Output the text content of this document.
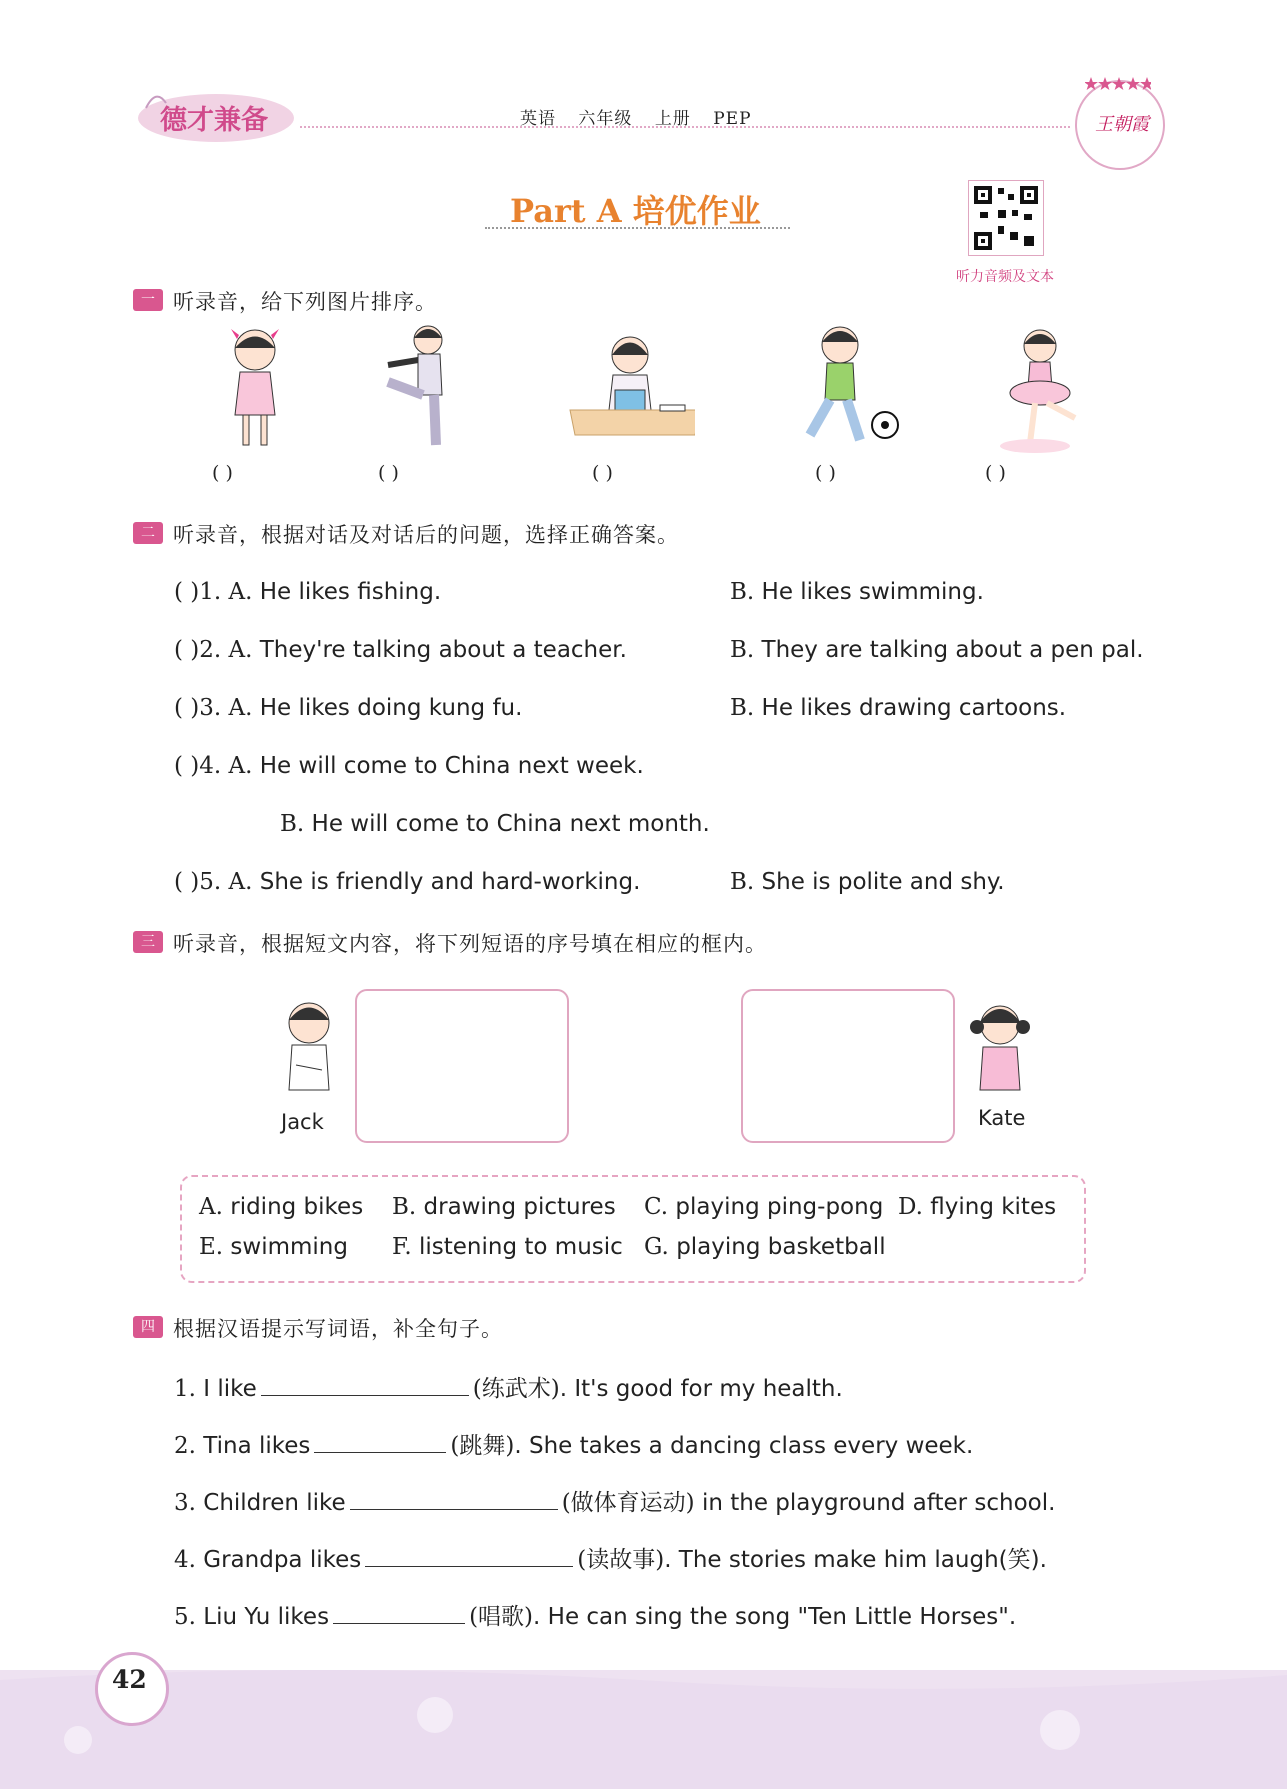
德才兼备	英语 六年级 上册 PEP	王朝霞
Part A 培优作业
听力音频及文本
一 听录音，给下列图片排序。
( )	( )	( )	( )	( )
二 听录音，根据对话及对话后的问题，选择正确答案。
( )1. A. He likes fishing.	B. He likes swimming.
( )2. A. They're talking about a teacher.	B. They are talking about a pen pal.
( )3. A. He likes doing kung fu.	B. He likes drawing cartoons.
( )4. A. He will come to China next week.
B. He will come to China next month.
( )5. A. She is friendly and hard-working.	B. She is polite and shy.
三 听录音，根据短文内容，将下列短语的序号填在相应的框内。
Jack	Kate
A. riding bikes B. drawing pictures C. playing ping-pong D. flying kites
E. swimming F. listening to music G. playing basketball
四 根据汉语提示写词语，补全句子。
1. I like	(练武术). It's good for my health.
2. Tina likes	(跳舞). She takes a dancing class every week.
3. Children like	(做体育运动) in the playground after school.
4. Grandpa likes	(读故事). The stories make him laugh(笑).
5. Liu Yu likes	(唱歌). He can sing the song "Ten Little Horses".
42
